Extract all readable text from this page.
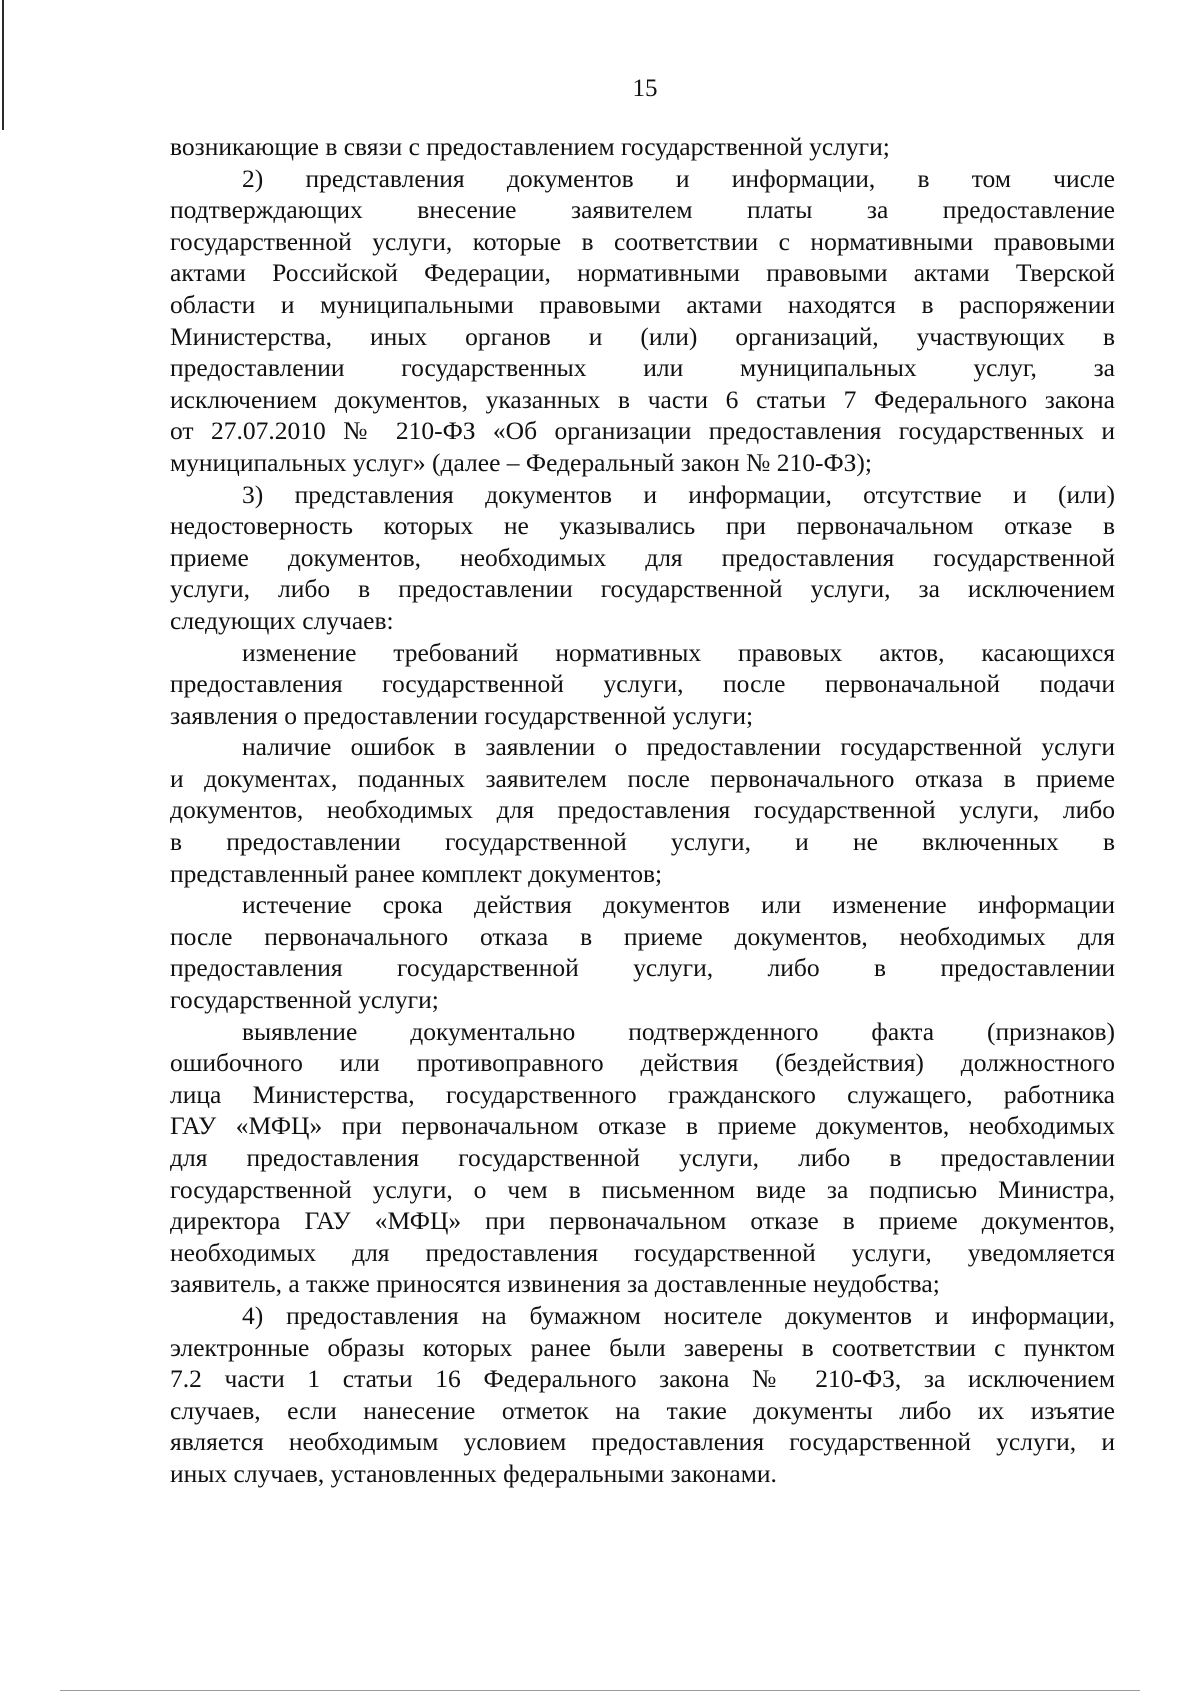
15
возникающие в связи с предоставлением государственной услуги;
2) представления документов и информации, в том числе
подтверждающих внесение заявителем платы за предоставление
государственной услуги, которые в соответствии с нормативными правовыми
актами Российской Федерации, нормативными правовыми актами Тверской
области и муниципальными правовыми актами находятся в распоряжении
Министерства, иных органов и (или) организаций, участвующих в
предоставлении государственных или муниципальных услуг, за
исключением документов, указанных в части 6 статьи 7 Федерального закона
от 27.07.2010 № 210-ФЗ «Об организации предоставления государственных и
муниципальных услуг» (далее – Федеральный закон № 210-ФЗ);
3) представления документов и информации, отсутствие и (или)
недостоверность которых не указывались при первоначальном отказе в
приеме документов, необходимых для предоставления государственной
услуги, либо в предоставлении государственной услуги, за исключением
следующих случаев:
изменение требований нормативных правовых актов, касающихся
предоставления государственной услуги, после первоначальной подачи
заявления о предоставлении государственной услуги;
наличие ошибок в заявлении о предоставлении государственной услуги
и документах, поданных заявителем после первоначального отказа в приеме
документов, необходимых для предоставления государственной услуги, либо
в предоставлении государственной услуги, и не включенных в
представленный ранее комплект документов;
истечение срока действия документов или изменение информации
после первоначального отказа в приеме документов, необходимых для
предоставления государственной услуги, либо в предоставлении
государственной услуги;
выявление документально подтвержденного факта (признаков)
ошибочного или противоправного действия (бездействия) должностного
лица Министерства, государственного гражданского служащего, работника
ГАУ «МФЦ» при первоначальном отказе в приеме документов, необходимых
для предоставления государственной услуги, либо в предоставлении
государственной услуги, о чем в письменном виде за подписью Министра,
директора ГАУ «МФЦ» при первоначальном отказе в приеме документов,
необходимых для предоставления государственной услуги, уведомляется
заявитель, а также приносятся извинения за доставленные неудобства;
4) предоставления на бумажном носителе документов и информации,
электронные образы которых ранее были заверены в соответствии с пунктом
7.2 части 1 статьи 16 Федерального закона № 210-ФЗ, за исключением
случаев, если нанесение отметок на такие документы либо их изъятие
является необходимым условием предоставления государственной услуги, и
иных случаев, установленных федеральными законами.
